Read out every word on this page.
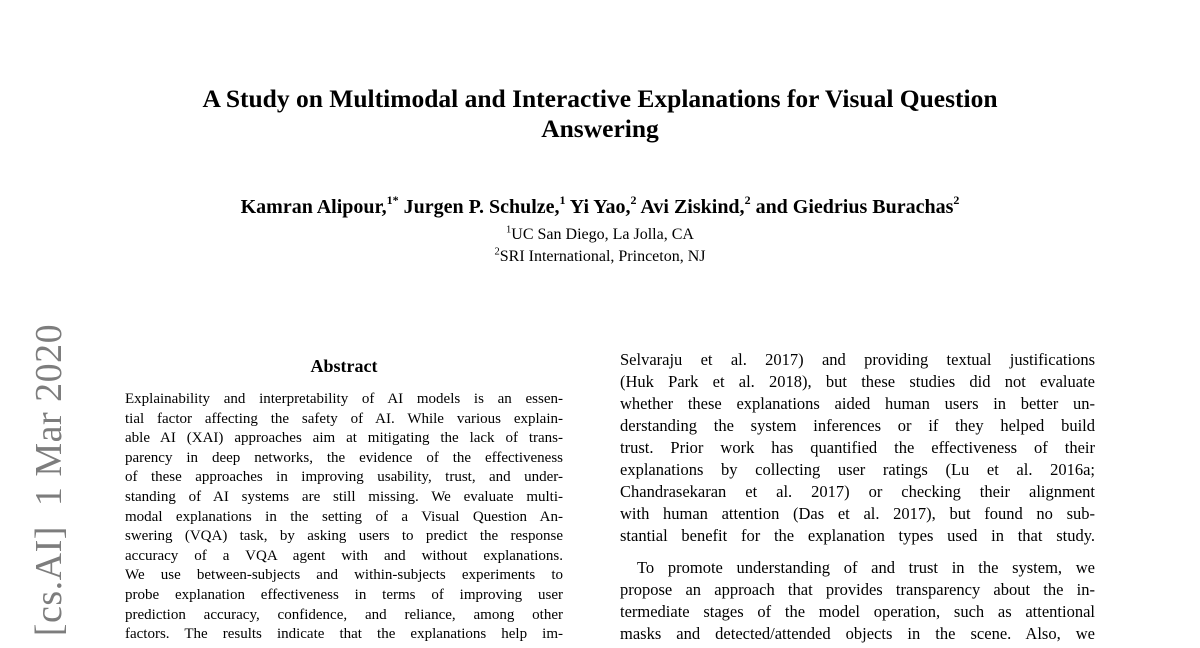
[cs.AI]  1 Mar 2020
A Study on Multimodal and Interactive Explanations for Visual Question
Answering
Kamran Alipour,$^{1*}$ Jurgen P. Schulze,$^1$ Yi Yao,$^2$ Avi Ziskind,$^2$ and Giedrius Burachas$^2$
$^1$UC San Diego, La Jolla, CA
$^2$SRI International, Princeton, NJ
Abstract
Explainability and interpretability of AI models is an essen-
tial factor affecting the safety of AI. While various explain-
able AI (XAI) approaches aim at mitigating the lack of trans-
parency in deep networks, the evidence of the effectiveness
of these approaches in improving usability, trust, and under-
standing of AI systems are still missing. We evaluate multi-
modal explanations in the setting of a Visual Question An-
swering (VQA) task, by asking users to predict the response
accuracy of a VQA agent with and without explanations.
We use between-subjects and within-subjects experiments to
probe explanation effectiveness in terms of improving user
prediction accuracy, confidence, and reliance, among other
factors. The results indicate that the explanations help im-
Selvaraju et al. 2017) and providing textual justifications
(Huk Park et al. 2018), but these studies did not evaluate
whether these explanations aided human users in better un-
derstanding the system inferences or if they helped build
trust. Prior work has quantified the effectiveness of their
explanations by collecting user ratings (Lu et al. 2016a;
Chandrasekaran et al. 2017) or checking their alignment
with human attention (Das et al. 2017), but found no sub-
stantial benefit for the explanation types used in that study.
To promote understanding of and trust in the system, we
propose an approach that provides transparency about the in-
termediate stages of the model operation, such as attentional
masks and detected/attended objects in the scene. Also, we
